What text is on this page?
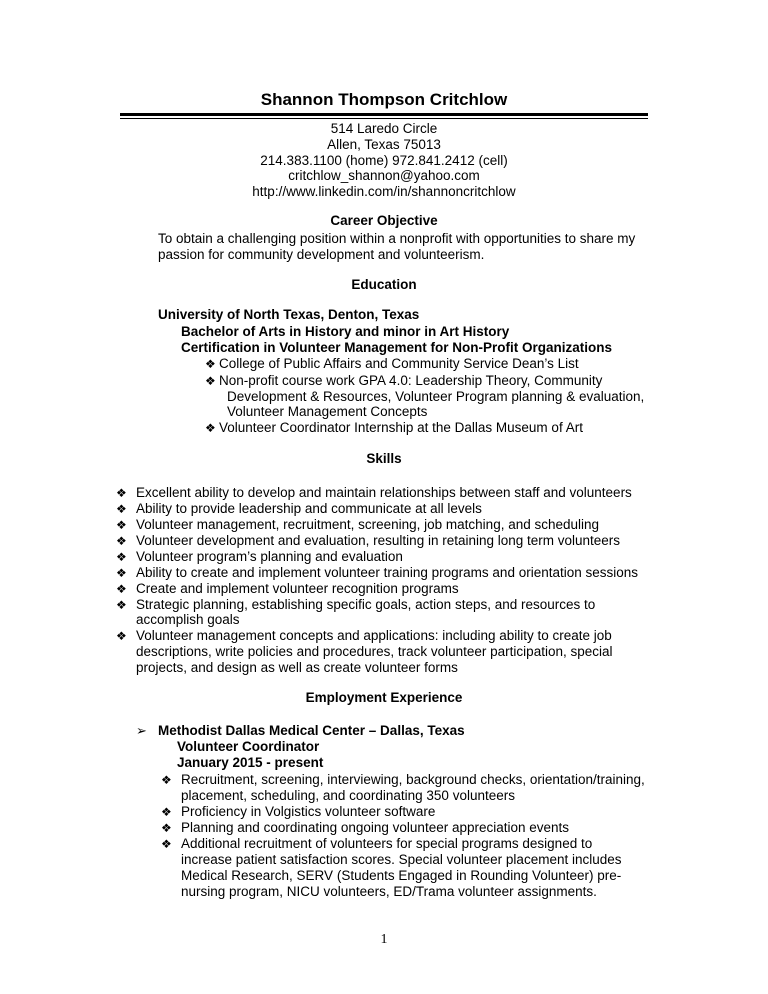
Shannon Thompson Critchlow
514 Laredo Circle
Allen, Texas 75013
214.383.1100 (home) 972.841.2412 (cell)
critchlow_shannon@yahoo.com
http://www.linkedin.com/in/shannoncritchlow
Career Objective
To obtain a challenging position within a nonprofit with opportunities to share my
passion for community development and volunteerism.
Education
University of North Texas, Denton, Texas
Bachelor of Arts in History and minor in Art History
Certification in Volunteer Management for Non-Profit Organizations
❖ College of Public Affairs and Community Service Dean’s List
❖ Non-profit course work GPA 4.0: Leadership Theory, Community
Development & Resources, Volunteer Program planning & evaluation,
Volunteer Management Concepts
❖ Volunteer Coordinator Internship at the Dallas Museum of Art
Skills
❖ Excellent ability to develop and maintain relationships between staff and volunteers
❖ Ability to provide leadership and communicate at all levels
❖ Volunteer management, recruitment, screening, job matching, and scheduling
❖ Volunteer development and evaluation, resulting in retaining long term volunteers
❖ Volunteer program’s planning and evaluation
❖ Ability to create and implement volunteer training programs and orientation sessions
❖ Create and implement volunteer recognition programs
❖ Strategic planning, establishing specific goals, action steps, and resources to
accomplish goals
❖ Volunteer management concepts and applications: including ability to create job
descriptions, write policies and procedures, track volunteer participation, special
projects, and design as well as create volunteer forms
Employment Experience
➢ Methodist Dallas Medical Center – Dallas, Texas
Volunteer Coordinator
January 2015 - present
❖ Recruitment, screening, interviewing, background checks, orientation/training,
placement, scheduling, and coordinating 350 volunteers
❖ Proficiency in Volgistics volunteer software
❖ Planning and coordinating ongoing volunteer appreciation events
❖ Additional recruitment of volunteers for special programs designed to
increase patient satisfaction scores. Special volunteer placement includes
Medical Research, SERV (Students Engaged in Rounding Volunteer) pre-
nursing program, NICU volunteers, ED/Trama volunteer assignments.
1
